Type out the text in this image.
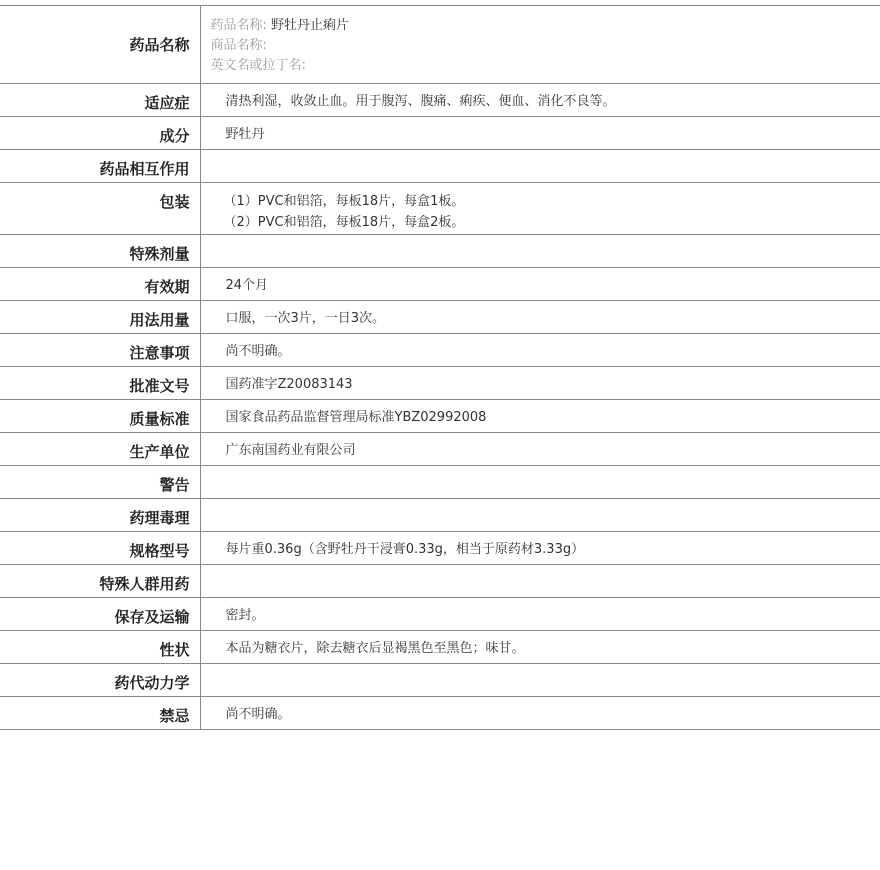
药品名称	药品名称: 野牡丹止痢片
商品名称:
英文名或拉丁名:

适应症	清热利湿，收敛止血。用于腹泻、腹痛、痢疾、便血、消化不良等。
成分	野牡丹
药品相互作用	
包装	（1）PVC和铝箔，每板18片，每盒1板。
（2）PVC和铝箔，每板18片，每盒2板。

特殊剂量	
有效期	24个月
用法用量	口服，一次3片，一日3次。
注意事项	尚不明确。
批准文号	国药准字Z20083143
质量标准	国家食品药品监督管理局标准YBZ02992008
生产单位	广东南国药业有限公司
警告	
药理毒理	
规格型号	每片重0.36g（含野牡丹干浸膏0.33g，相当于原药材3.33g）
特殊人群用药	
保存及运输	密封。
性状	本品为糖衣片，除去糖衣后显褐黑色至黑色；味甘。
药代动力学	
禁忌	尚不明确。
